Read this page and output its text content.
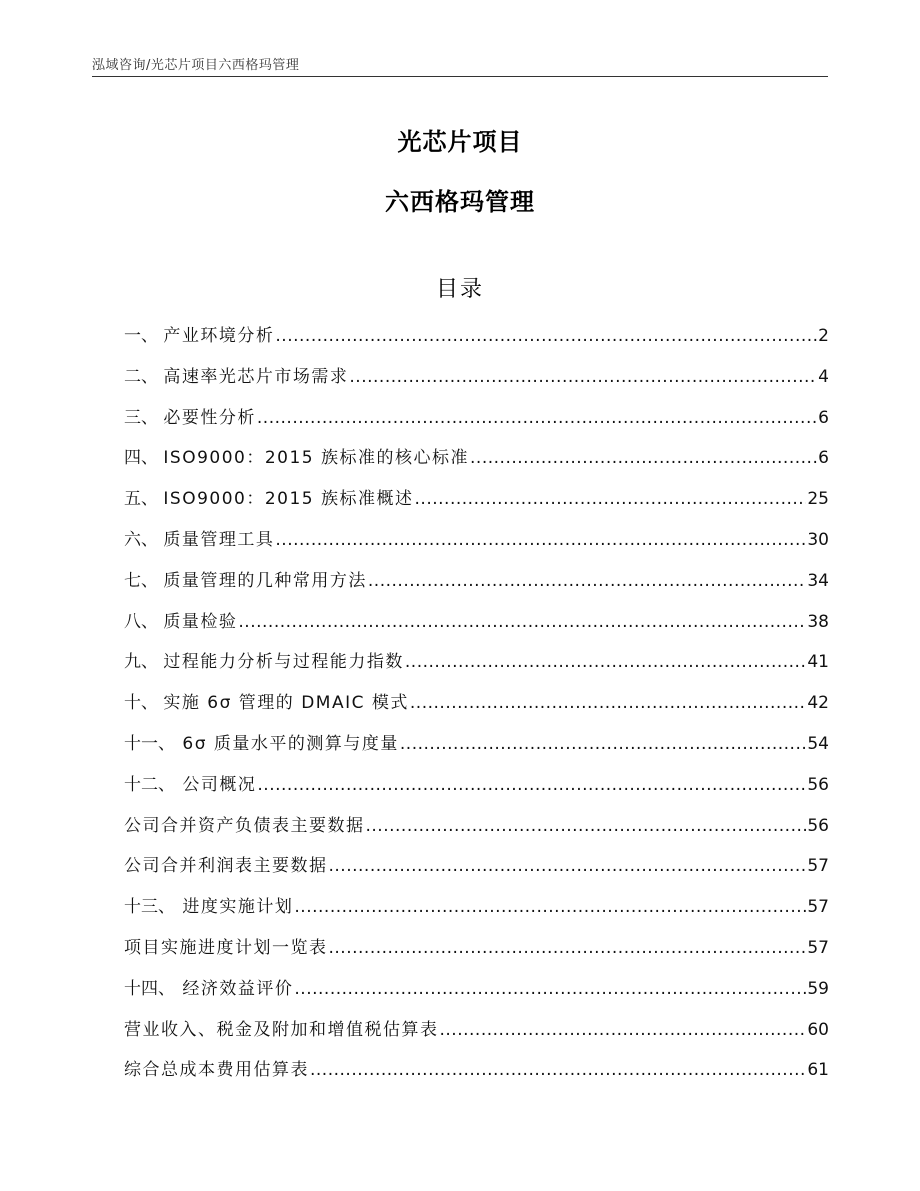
泓域咨询/光芯片项目六西格玛管理
光芯片项目
六西格玛管理
目录
一、 产业环境分析 .....	2
二、 高速率光芯片市场需求 .....	4
三、 必要性分析 .....	6
四、 ISO9000：2015 族标准的核心标准 .....	6
五、 ISO9000：2015 族标准概述 .....	25
六、 质量管理工具 .....	30
七、 质量管理的几种常用方法 .....	34
八、 质量检验 .....	38
九、 过程能力分析与过程能力指数 .....	41
十、 实施 6σ 管理的 DMAIC 模式 .....	42
十一、 6σ 质量水平的测算与度量 .....	54
十二、 公司概况 .....	56
公司合并资产负债表主要数据 .....	56
公司合并利润表主要数据 .....	57
十三、 进度实施计划 .....	57
项目实施进度计划一览表 .....	57
十四、 经济效益评价 .....	59
营业收入、税金及附加和增值税估算表 .....	60
综合总成本费用估算表 .....	61
